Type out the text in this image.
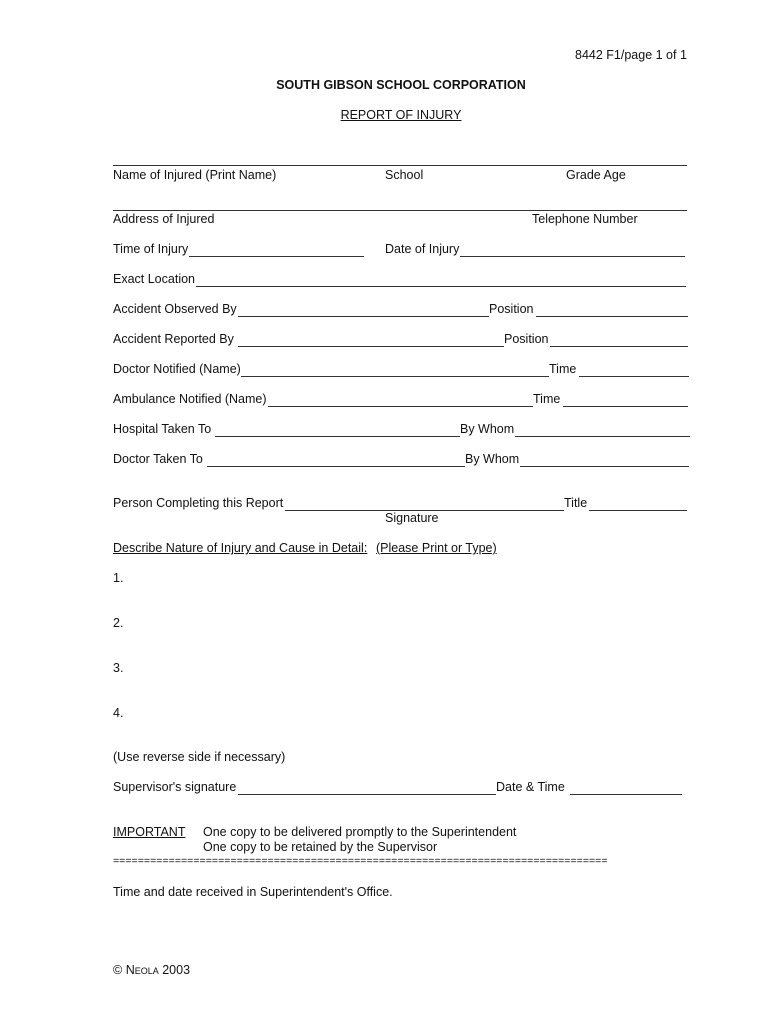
8442 F1/page 1 of 1
SOUTH GIBSON SCHOOL CORPORATION
REPORT OF INJURY
Name of Injured (Print Name)	School	Grade Age
Address of Injured	Telephone Number
Time of Injury	Date of Injury
Exact Location
Accident Observed By	Position
Accident Reported By	Position
Doctor Notified (Name)	Time
Ambulance Notified (Name)	Time
Hospital Taken To	By Whom
Doctor Taken To	By Whom
Person Completing this Report	Title
Signature
Describe Nature of Injury and Cause in Detail: (Please Print or Type)
1.
2.
3.
4.
(Use reverse side if necessary)
Supervisor's signature	Date & Time
IMPORTANT One copy to be delivered promptly to the Superintendent
One copy to be retained by the Supervisor
================================================================================
Time and date received in Superintendent's Office.
© Neola 2003
